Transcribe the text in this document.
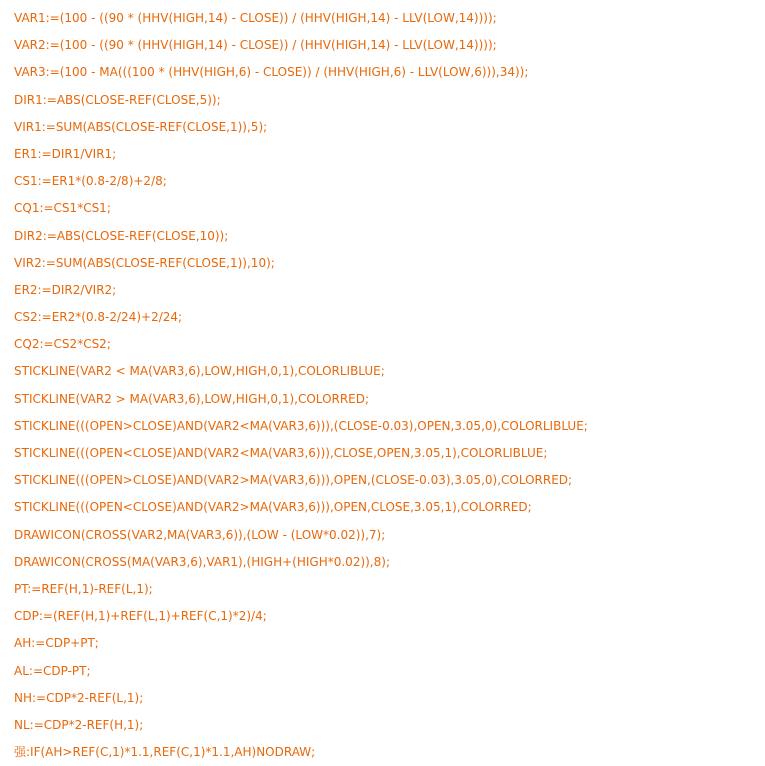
VAR1:=(100 - ((90 * (HHV(HIGH,14) - CLOSE)) / (HHV(HIGH,14) - LLV(LOW,14))));
VAR2:=(100 - ((90 * (HHV(HIGH,14) - CLOSE)) / (HHV(HIGH,14) - LLV(LOW,14))));
VAR3:=(100 - MA(((100 * (HHV(HIGH,6) - CLOSE)) / (HHV(HIGH,6) - LLV(LOW,6))),34));
DIR1:=ABS(CLOSE-REF(CLOSE,5));
VIR1:=SUM(ABS(CLOSE-REF(CLOSE,1)),5);
ER1:=DIR1/VIR1;
CS1:=ER1*(0.8-2/8)+2/8;
CQ1:=CS1*CS1;
DIR2:=ABS(CLOSE-REF(CLOSE,10));
VIR2:=SUM(ABS(CLOSE-REF(CLOSE,1)),10);
ER2:=DIR2/VIR2;
CS2:=ER2*(0.8-2/24)+2/24;
CQ2:=CS2*CS2;
STICKLINE(VAR2 < MA(VAR3,6),LOW,HIGH,0,1),COLORLIBLUE;
STICKLINE(VAR2 > MA(VAR3,6),LOW,HIGH,0,1),COLORRED;
STICKLINE(((OPEN>CLOSE)AND(VAR2<MA(VAR3,6))),(CLOSE-0.03),OPEN,3.05,0),COLORLIBLUE;
STICKLINE(((OPEN<CLOSE)AND(VAR2<MA(VAR3,6))),CLOSE,OPEN,3.05,1),COLORLIBLUE;
STICKLINE(((OPEN>CLOSE)AND(VAR2>MA(VAR3,6))),OPEN,(CLOSE-0.03),3.05,0),COLORRED;
STICKLINE(((OPEN<CLOSE)AND(VAR2>MA(VAR3,6))),OPEN,CLOSE,3.05,1),COLORRED;
DRAWICON(CROSS(VAR2,MA(VAR3,6)),(LOW - (LOW*0.02)),7);
DRAWICON(CROSS(MA(VAR3,6),VAR1),(HIGH+(HIGH*0.02)),8);
PT:=REF(H,1)-REF(L,1);
CDP:=(REF(H,1)+REF(L,1)+REF(C,1)*2)/4;
AH:=CDP+PT;
AL:=CDP-PT;
NH:=CDP*2-REF(L,1);
NL:=CDP*2-REF(H,1);
强:IF(AH>REF(C,1)*1.1,REF(C,1)*1.1,AH)NODRAW;
